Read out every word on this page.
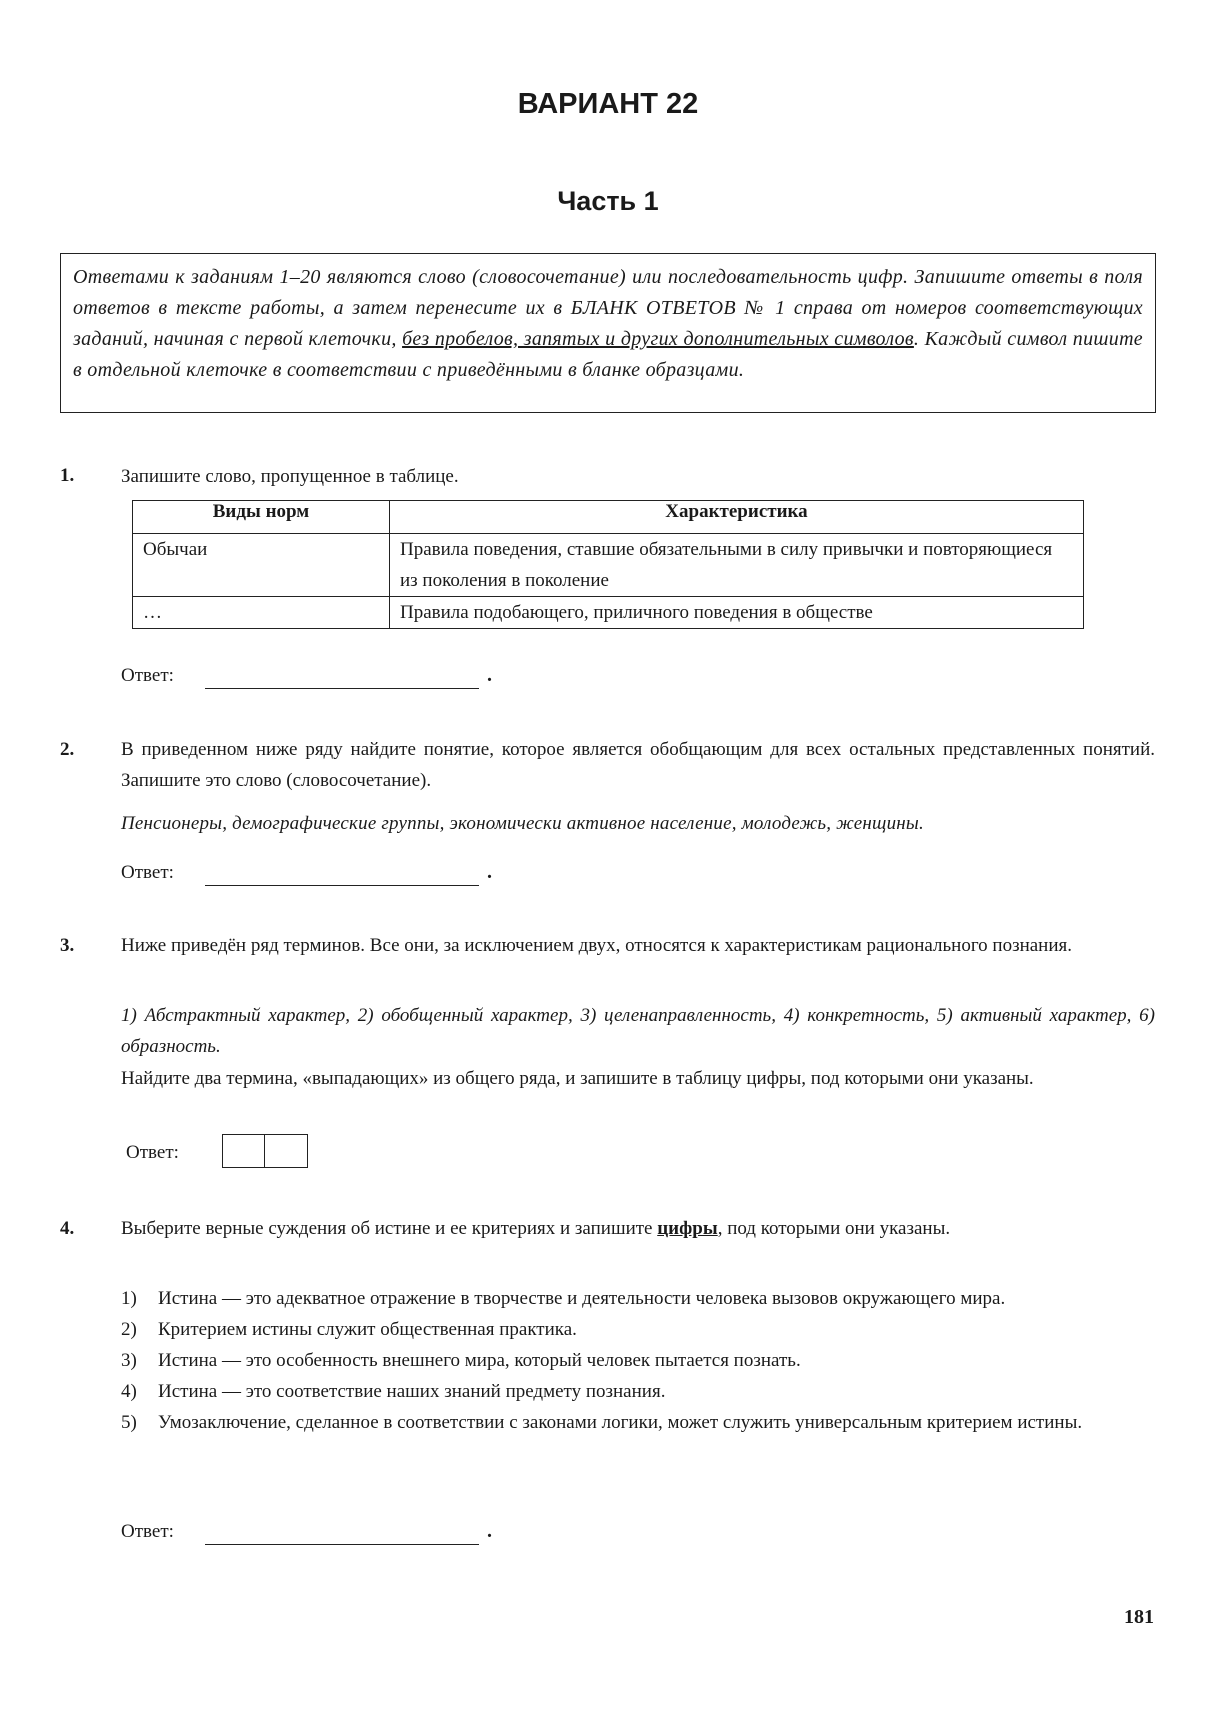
ВАРИАНТ 22
Часть 1
Ответами к заданиям 1–20 являются слово (словосочетание) или последовательность цифр. Запишите ответы в поля ответов в тексте работы, а затем перенесите их в БЛАНК ОТВЕТОВ № 1 справа от номеров соответствующих заданий, начиная с первой клеточки, без пробелов, запятых и других дополнительных символов. Каждый символ пишите в отдельной клеточке в соответствии с приведёнными в бланке образцами.
1. Запишите слово, пропущенное в таблице.
Виды норм	Характеристика
Обычаи	Правила поведения, ставшие обязательными в силу привычки и повторяющиеся из поколения в поколение
…	Правила подобающего, приличного поведения в обществе
Ответ:	.
2. В приведенном ниже ряду найдите понятие, которое является обобщающим для всех остальных представленных понятий. Запишите это слово (словосочетание).
Пенсионеры, демографические группы, экономически активное население, молодежь, женщины.
Ответ:	.
3. Ниже приведён ряд терминов. Все они, за исключением двух, относятся к характеристикам рационального познания.
1) Абстрактный характер, 2) обобщенный характер, 3) целенаправленность, 4) конкретность, 5) активный характер, 6) образность.
Найдите два термина, «выпадающих» из общего ряда, и запишите в таблицу цифры, под которыми они указаны.
Ответ:
4. Выберите верные суждения об истине и ее критериях и запишите цифры, под которыми они указаны.
1) Истина — это адекватное отражение в творчестве и деятельности человека вызовов окружающего мира.
2) Критерием истины служит общественная практика.
3) Истина — это особенность внешнего мира, который человек пытается познать.
4) Истина — это соответствие наших знаний предмету познания.
5) Умозаключение, сделанное в соответствии с законами логики, может служить универсальным критерием истины.
Ответ:	.
181
